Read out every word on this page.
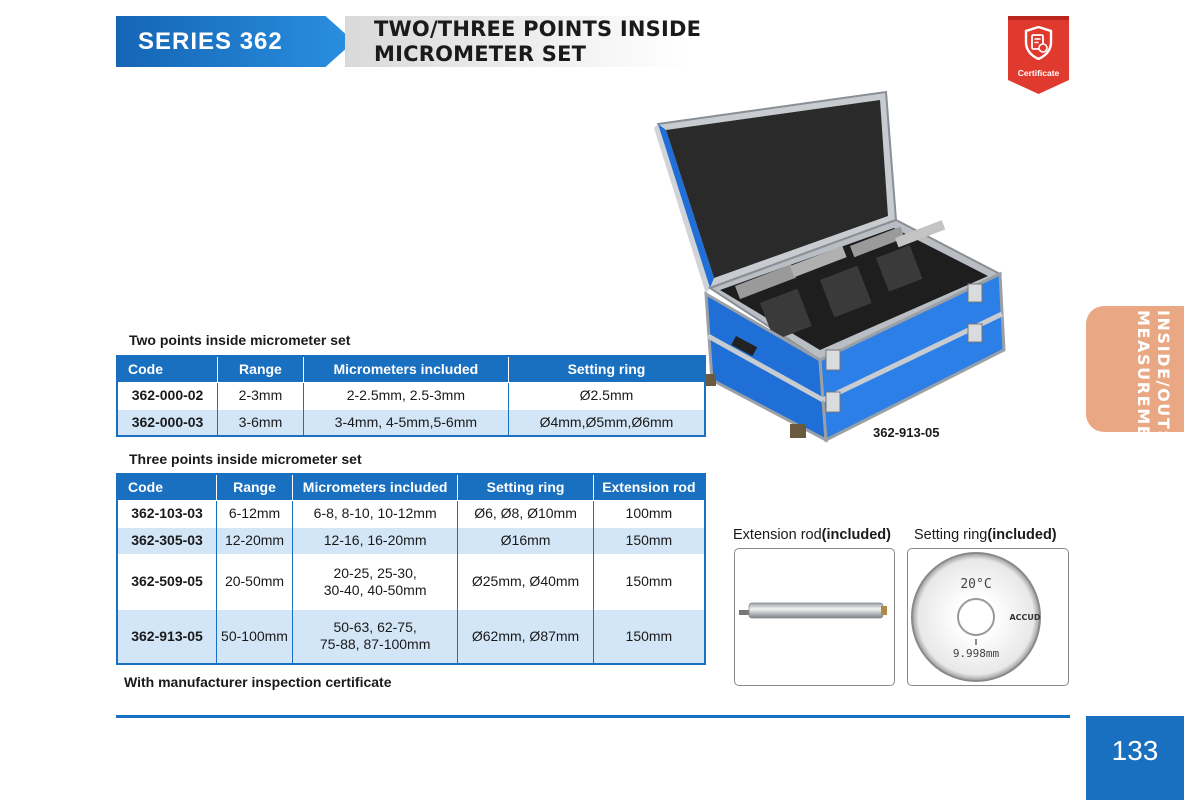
SERIES 362	TWO/THREE POINTS INSIDE
MICROMETER SET
Certificate
INSIDE/OUTSIDE
MEASUREMENT
362-913-05
Two points inside micrometer set
Code	Range	Micrometers included	Setting ring
362-000-02	2-3mm	2-2.5mm, 2.5-3mm	Ø2.5mm
362-000-03	3-6mm	3-4mm, 4-5mm,5-6mm	Ø4mm,Ø5mm,Ø6mm
Three points inside micrometer set
Code	Range	Micrometers included	Setting ring	Extension rod
362-103-03	6-12mm	6-8, 8-10, 10-12mm	Ø6, Ø8, Ø10mm	100mm
362-305-03	12-20mm	12-16, 16-20mm	Ø16mm	150mm
362-509-05	20-50mm	20-25, 25-30,
30-40, 40-50mm	Ø25mm, Ø40mm	150mm
362-913-05	50-100mm	50-63, 62-75,
75-88, 87-100mm	Ø62mm, Ø87mm	150mm
With manufacturer inspection certificate
Extension rod(included) Setting ring(included)
20°C
9.998mm
ACCUD
133
